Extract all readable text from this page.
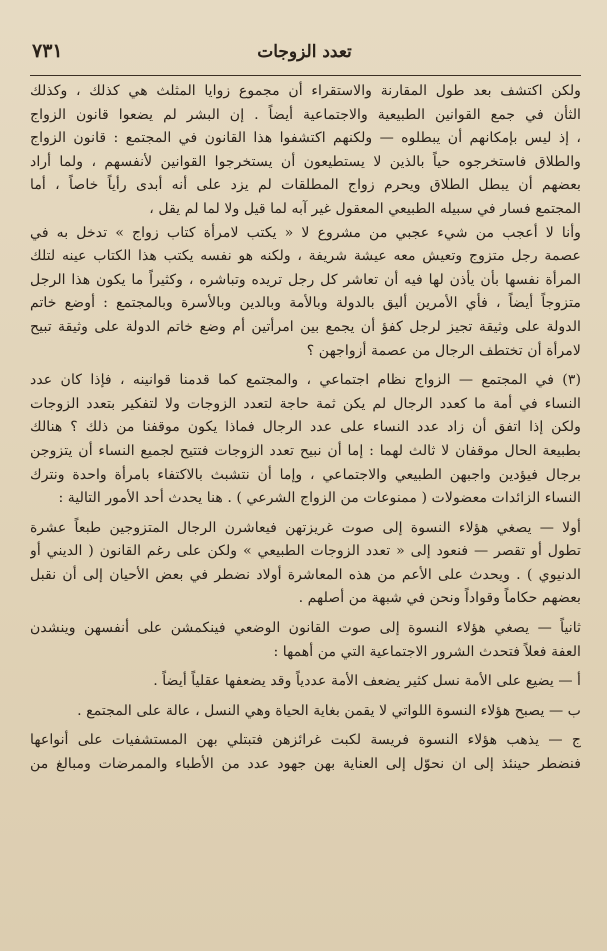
تعدد الزوجات
٧٣١
ولكن اكتشف بعد طول المقارنة والاستقراء أن مجموع زوايا المثلث هي كذلك ، وكذلك
الثأن في جمع القوانين الطبيعية والاجتماعية أيضاً . إن البشر لم يضعوا قانون الزواج
، إذ ليس بإمكانهم أن يبطلوه — ولكنهم اكتشفوا هذا القانون في المجتمع : قانون الزواج
والطلاق فاستخرجوه حياً بالذين لا يستطيعون أن يستخرجوا القوانين لأنفسهم ، ولما أراد
بعضهم أن يبطل الطلاق ويحرم زواج المطلقات لم يزد على أنه أبدى رأياً خاصاً ، أما
المجتمع فسار في سبيله الطبيعي المعقول غير آبه لما قيل ولا لما لم يقل ،
وأنا لا أعجب من شيء عجبي من مشروع لا « يكتب لامرأة كتاب زواج » تدخل به في
عصمة رجل متزوج وتعيش معه عيشة شريفة ، ولكنه هو نفسه يكتب هذا الكتاب عينه لتلك
المرأة نفسها بأن يأذن لها فيه أن تعاشر كل رجل تريده وتباشره ، وكثيراً ما يكون هذا الرجل
متزوجاً أيضاً ، فأي الأمرين أليق بالدولة وبالأمة وبالدين وبالأسرة وبالمجتمع : أوضع خاتم
الدولة على وثيقة تجيز لرجل كفؤ أن يجمع بين امرأتين أم وضع خاتم الدولة على وثيقة تبيح
لامرأة أن تختطف الرجال من عصمة أزواجهن ؟
(٣) في المجتمع — الزواج نظام اجتماعي ، والمجتمع كما قدمنا قوانينه ، فإذا كان عدد
النساء في أمة ما كعدد الرجال لم يكن ثمة حاجة لتعدد الزوجات ولا لتفكير بتعدد الزوجات
ولكن إذا اتفق أن زاد عدد النساء على عدد الرجال فماذا يكون موقفنا من ذلك ؟ هنالك
بطبيعة الحال موقفان لا ثالث لهما : إما أن نبيح تعدد الزوجات فتتيح لجميع النساء أن يتزوجن
برجال فيؤدين واجبهن الطبيعي والاجتماعي ، وإما أن نتشبث بالاكتفاء بامرأة واحدة ونترك
النساء الزائدات معضولات ( ممنوعات من الزواج الشرعي ) . هنا يحدث أحد الأمور التالية :
أولا — يصغي هؤلاء النسوة إلى صوت غريزتهن فيعاشرن الرجال المتزوجين طبعاً عشرة
تطول أو تقصر — فنعود إلى « تعدد الزوجات الطبيعي » ولكن على رغم القانون ( الديني أو
الدنيوي ) . ويحدث على الأعم من هذه المعاشرة أولاد نضطر في بعض الأحيان إلى أن نقبل
بعضهم حكاماً وقواداً ونحن في شبهة من أصلهم .
ثانياً — يصغي هؤلاء النسوة إلى صوت القانون الوضعي فينكمشن على أنفسهن وينشدن
العفة فعلاً فتحدث الشرور الاجتماعية التي من أهمها :
أ — يضيع على الأمة نسل كثير يضعف الأمة عددياً وقد يضعفها عقلياً أيضاً .
ب — يصبح هؤلاء النسوة اللواتي لا يقمن بغاية الحياة وهي النسل ، عالة على المجتمع .
ج — يذهب هؤلاء النسوة فريسة لكبت غرائزهن فتبتلي بهن المستشفيات على أنواعها
فنضطر حينئذ إلى ان نحوّل إلى العناية بهن جهود عدد من الأطباء والممرضات ومبالغ من
